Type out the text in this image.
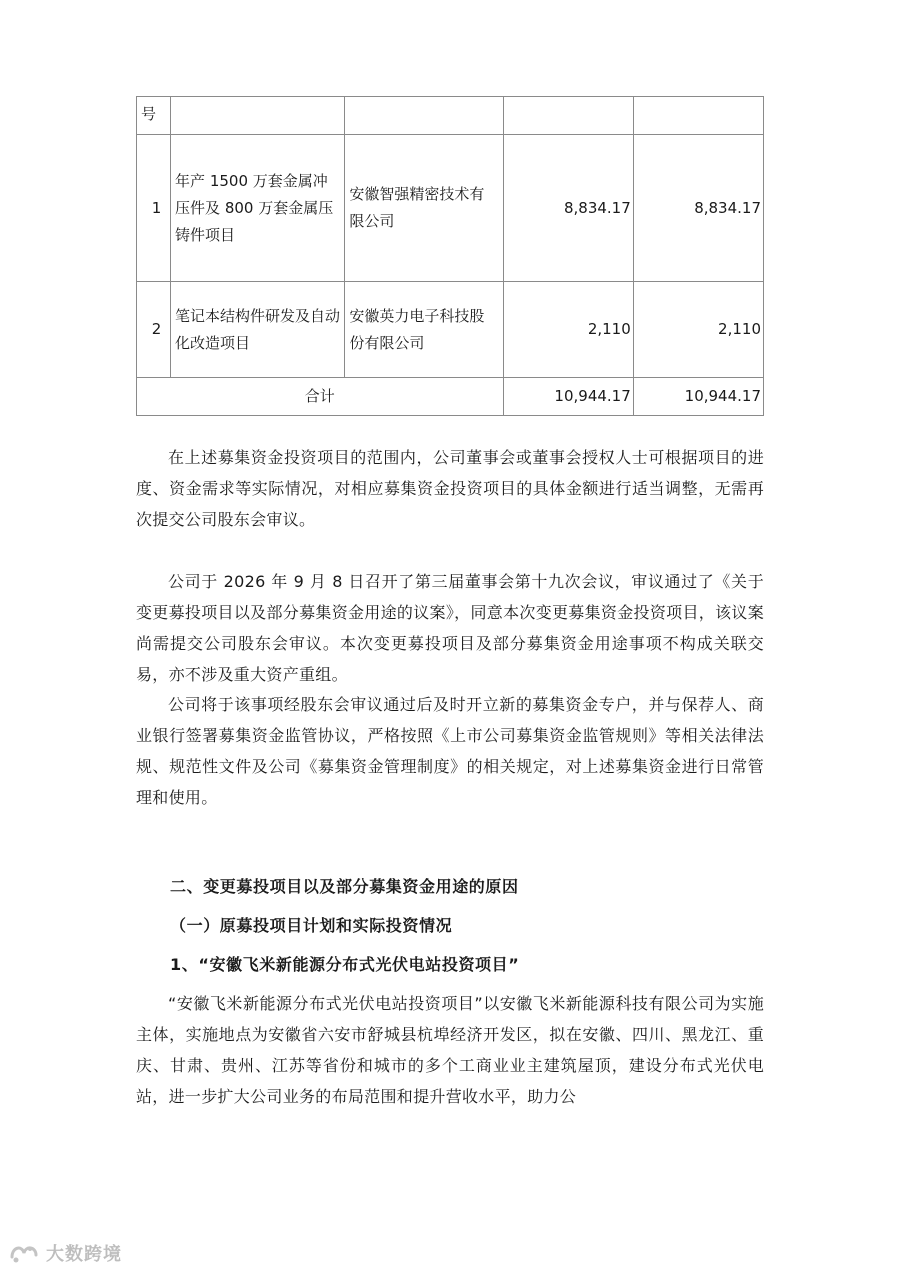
号				
1	年产 1500 万套金属冲压件及 800 万套金属压铸件项目	安徽智强精密技术有限公司	8,834.17	8,834.17
2	笔记本结构件研发及自动化改造项目	安徽英力电子科技股份有限公司	2,110	2,110
合计			10,944.17	10,944.17

在上述募集资金投资项目的范围内，公司董事会或董事会授权人士可根据项目的进度、资金需求等实际情况，对相应募集资金投资项目的具体金额进行适当调整，无需再次提交公司股东会审议。

公司于 2026 年 9 月 8 日召开了第三届董事会第十九次会议，审议通过了《关于变更募投项目以及部分募集资金用途的议案》，同意本次变更募集资金投资项目，该议案尚需提交公司股东会审议。本次变更募投项目及部分募集资金用途事项不构成关联交易，亦不涉及重大资产重组。

公司将于该事项经股东会审议通过后及时开立新的募集资金专户，并与保荐人、商业银行签署募集资金监管协议，严格按照《上市公司募集资金监管规则》等相关法律法规、规范性文件及公司《募集资金管理制度》的相关规定，对上述募集资金进行日常管理和使用。

二、变更募投项目以及部分募集资金用途的原因
（一）原募投项目计划和实际投资情况
1、“安徽飞米新能源分布式光伏电站投资项目”

“安徽飞米新能源分布式光伏电站投资项目”以安徽飞米新能源科技有限公司为实施主体，实施地点为安徽省六安市舒城县杭埠经济开发区，拟在安徽、四川、黑龙江、重庆、甘肃、贵州、江苏等省份和城市的多个工商业业主建筑屋顶，建设分布式光伏电站，进一步扩大公司业务的布局范围和提升营收水平，助力公

大数跨境
